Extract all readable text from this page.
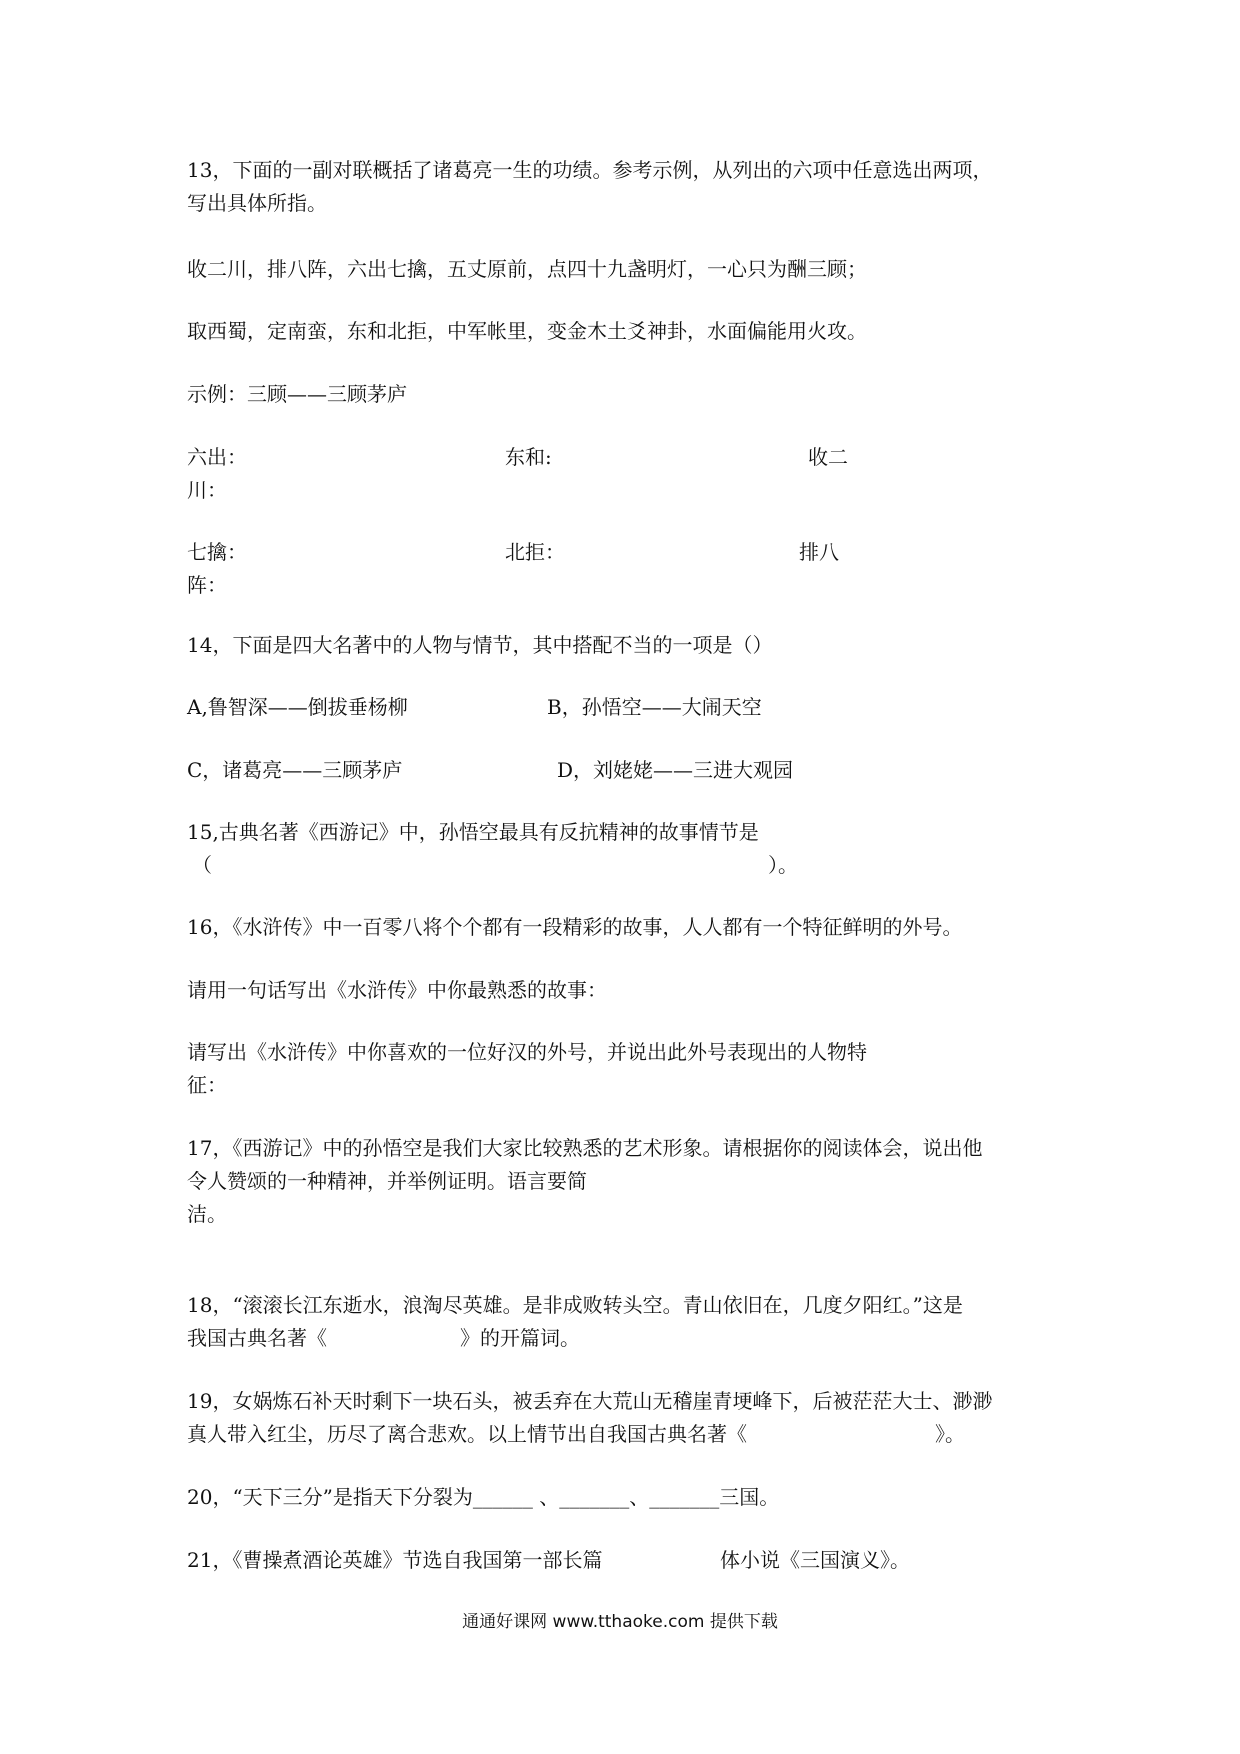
13，下面的一副对联概括了诸葛亮一生的功绩。参考示例，从列出的六项中任意选出两项，
写出具体所指。
收二川，排八阵，六出七擒，五丈原前，点四十九盏明灯，一心只为酬三顾；
取西蜀，定南蛮，东和北拒，中军帐里，变金木土爻神卦，水面偏能用火攻。
示例：三顾——三顾茅庐
六出：	东和:	收二
川：
七擒：	北拒：	排八
阵：
14，下面是四大名著中的人物与情节，其中搭配不当的一项是（）
A,鲁智深——倒拔垂杨柳	B，孙悟空——大闹天空
C，诸葛亮——三顾茅庐	D，刘姥姥——三进大观园
15,古典名著《西游记》中，孙悟空最具有反抗精神的故事情节是
（	）。
16，《水浒传》中一百零八将个个都有一段精彩的故事，人人都有一个特征鲜明的外号。
请用一句话写出《水浒传》中你最熟悉的故事：
请写出《水浒传》中你喜欢的一位好汉的外号，并说出此外号表现出的人物特
征：
17，《西游记》中的孙悟空是我们大家比较熟悉的艺术形象。请根据你的阅读体会，说出他
令人赞颂的一种精神，并举例证明。语言要简
洁。
18，“滚滚长江东逝水，浪淘尽英雄。是非成败转头空。青山依旧在，几度夕阳红。”这是
我国古典名著《	》的开篇词。
19，女娲炼石补天时剩下一块石头，被丢弃在大荒山无稽崖青埂峰下，后被茫茫大士、渺渺
真人带入红尘，历尽了离合悲欢。以上情节出自我国古典名著《	》。
20，“天下三分”是指天下分裂为______ 、_______、_______三国。
21，《曹操煮酒论英雄》节选自我国第一部长篇	体小说《三国演义》。
通通好课网 www.tthaoke.com 提供下载
